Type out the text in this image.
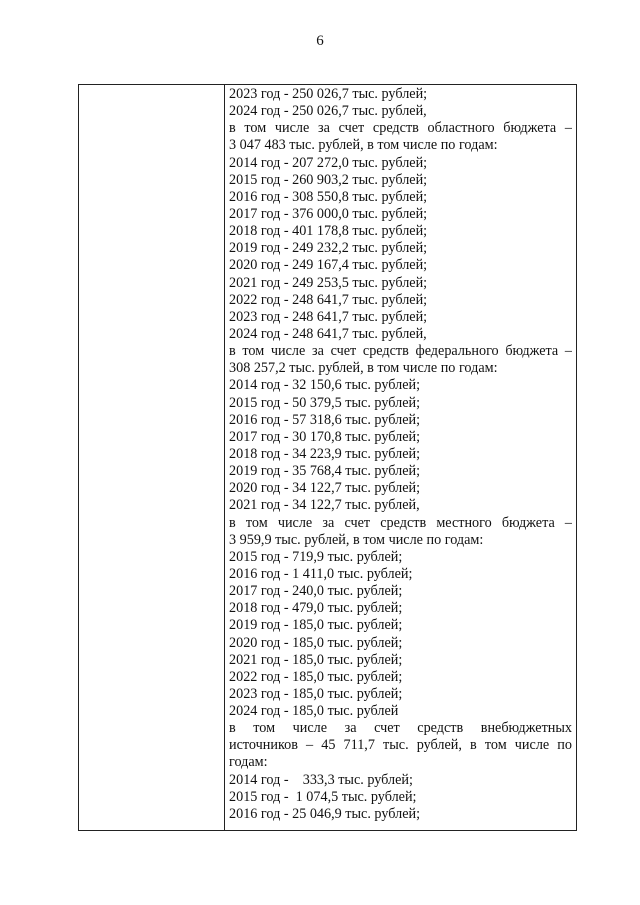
6
2023 год - 250 026,7 тыс. рублей;
2024 год - 250 026,7 тыс. рублей,
в том числе за счет средств областного бюджета –
3 047 483 тыс. рублей, в том числе по годам:
2014 год - 207 272,0 тыс. рублей;
2015 год - 260 903,2 тыс. рублей;
2016 год - 308 550,8 тыс. рублей;
2017 год - 376 000,0 тыс. рублей;
2018 год - 401 178,8 тыс. рублей;
2019 год - 249 232,2 тыс. рублей;
2020 год - 249 167,4 тыс. рублей;
2021 год - 249 253,5 тыс. рублей;
2022 год - 248 641,7 тыс. рублей;
2023 год - 248 641,7 тыс. рублей;
2024 год - 248 641,7 тыс. рублей,
в том числе за счет средств федерального бюджета –
308 257,2 тыс. рублей, в том числе по годам:
2014 год - 32 150,6 тыс. рублей;
2015 год - 50 379,5 тыс. рублей;
2016 год - 57 318,6 тыс. рублей;
2017 год - 30 170,8 тыс. рублей;
2018 год - 34 223,9 тыс. рублей;
2019 год - 35 768,4 тыс. рублей;
2020 год - 34 122,7 тыс. рублей;
2021 год - 34 122,7 тыс. рублей,
в том числе за счет средств местного бюджета –
3 959,9 тыс. рублей, в том числе по годам:
2015 год - 719,9 тыс. рублей;
2016 год - 1 411,0 тыс. рублей;
2017 год - 240,0 тыс. рублей;
2018 год - 479,0 тыс. рублей;
2019 год - 185,0 тыс. рублей;
2020 год - 185,0 тыс. рублей;
2021 год - 185,0 тыс. рублей;
2022 год - 185,0 тыс. рублей;
2023 год - 185,0 тыс. рублей;
2024 год - 185,0 тыс. рублей
в том числе за счет средств внебюджетных
источников – 45 711,7 тыс. рублей, в том числе по
годам:
2014 год -    333,3 тыс. рублей;
2015 год -  1 074,5 тыс. рублей;
2016 год - 25 046,9 тыс. рублей;
